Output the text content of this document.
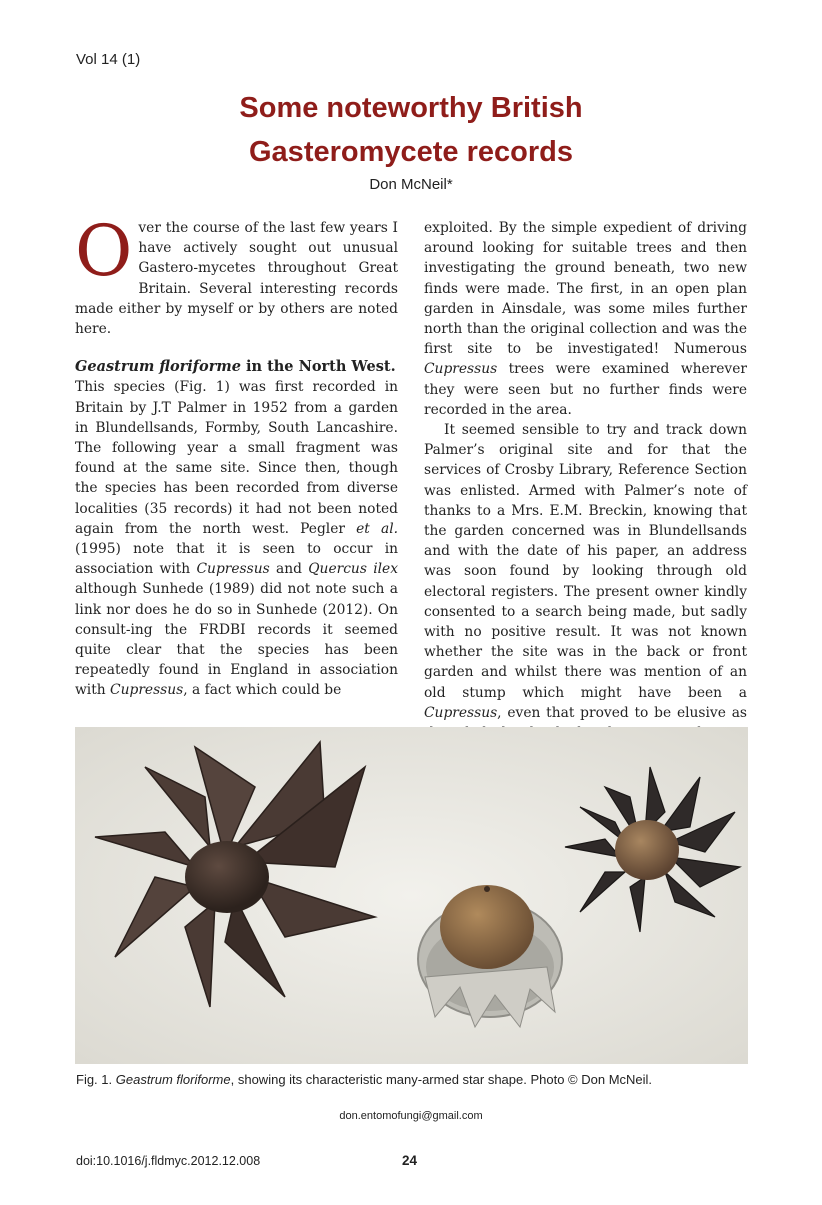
Vol 14 (1)
Some noteworthy British
Gasteromycete records
Don McNeil*

Over the course of the last few years I have actively sought out unusual Gastero-mycetes throughout Great Britain. Several interesting records made either by myself or by others are noted here.

Geastrum floriforme in the North West.

This species (Fig. 1) was first recorded in Britain by J.T Palmer in 1952 from a garden in Blundellsands, Formby, South Lancashire. The following year a small fragment was found at the same site. Since then, though the species has been recorded from diverse localities (35 records) it had not been noted again from the north west. Pegler et al. (1995) note that it is seen to occur in association with Cupressus and Quercus ilex although Sunhede (1989) did not note such a link nor does he do so in Sunhede (2012). On consult-ing the FRDBI records it seemed quite clear that the species has been repeatedly found in England in association with Cupressus, a fact which could be

exploited. By the simple expedient of driving around looking for suitable trees and then investigating the ground beneath, two new finds were made. The first, in an open plan garden in Ainsdale, was some miles further north than the original collection and was the first site to be investigated! Numerous Cupressus trees were examined wherever they were seen but no further finds were recorded in the area.

It seemed sensible to try and track down Palmer’s original site and for that the services of Crosby Library, Reference Section was enlisted. Armed with Palmer’s note of thanks to a Mrs. E.M. Breckin, knowing that the garden concerned was in Blundellsands and with the date of his paper, an address was soon found by looking through old electoral registers. The present owner kindly consented to a search being made, but sadly with no positive result. It was not known whether the site was in the back or front garden and whilst there was mention of an old stump which might have been a Cupressus, even that proved to be elusive as

Fig. 1. Geastrum floriforme, showing its characteristic many-armed star shape. Photo © Don McNeil.
don.entomofungi@gmail.com
doi:10.1016/j.fldmyc.2012.12.008	24
